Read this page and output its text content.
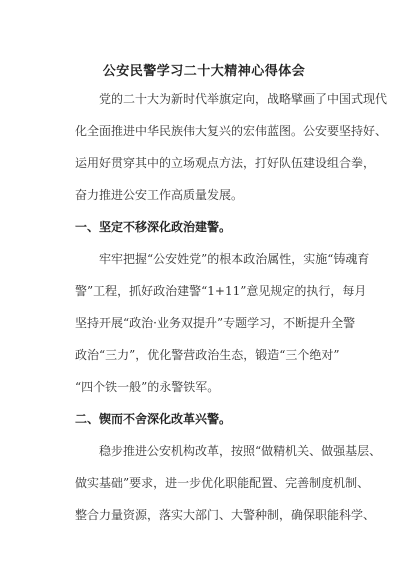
公安民警学习二十大精神心得体会

党的二十大为新时代举旗定向，战略擘画了中国式现代

化全面推进中华民族伟大复兴的宏伟蓝图。公安要坚持好、

运用好贯穿其中的立场观点方法，打好队伍建设组合拳，

奋力推进公安工作高质量发展。

一、坚定不移深化政治建警。

牢牢把握“公安姓党”的根本政治属性，实施“铸魂育

警”工程，抓好政治建警“1+11”意见规定的执行，每月

坚持开展“政治·业务双提升”专题学习，不断提升全警

政治“三力”，优化警营政治生态，锻造“三个绝对”

“四个铁一般”的永警铁军。

二、锲而不舍深化改革兴警。

稳步推进公安机构改革，按照“做精机关、做强基层、

做实基础”要求，进一步优化职能配置、完善制度机制、

整合力量资源，落实大部门、大警种制，确保职能科学、
